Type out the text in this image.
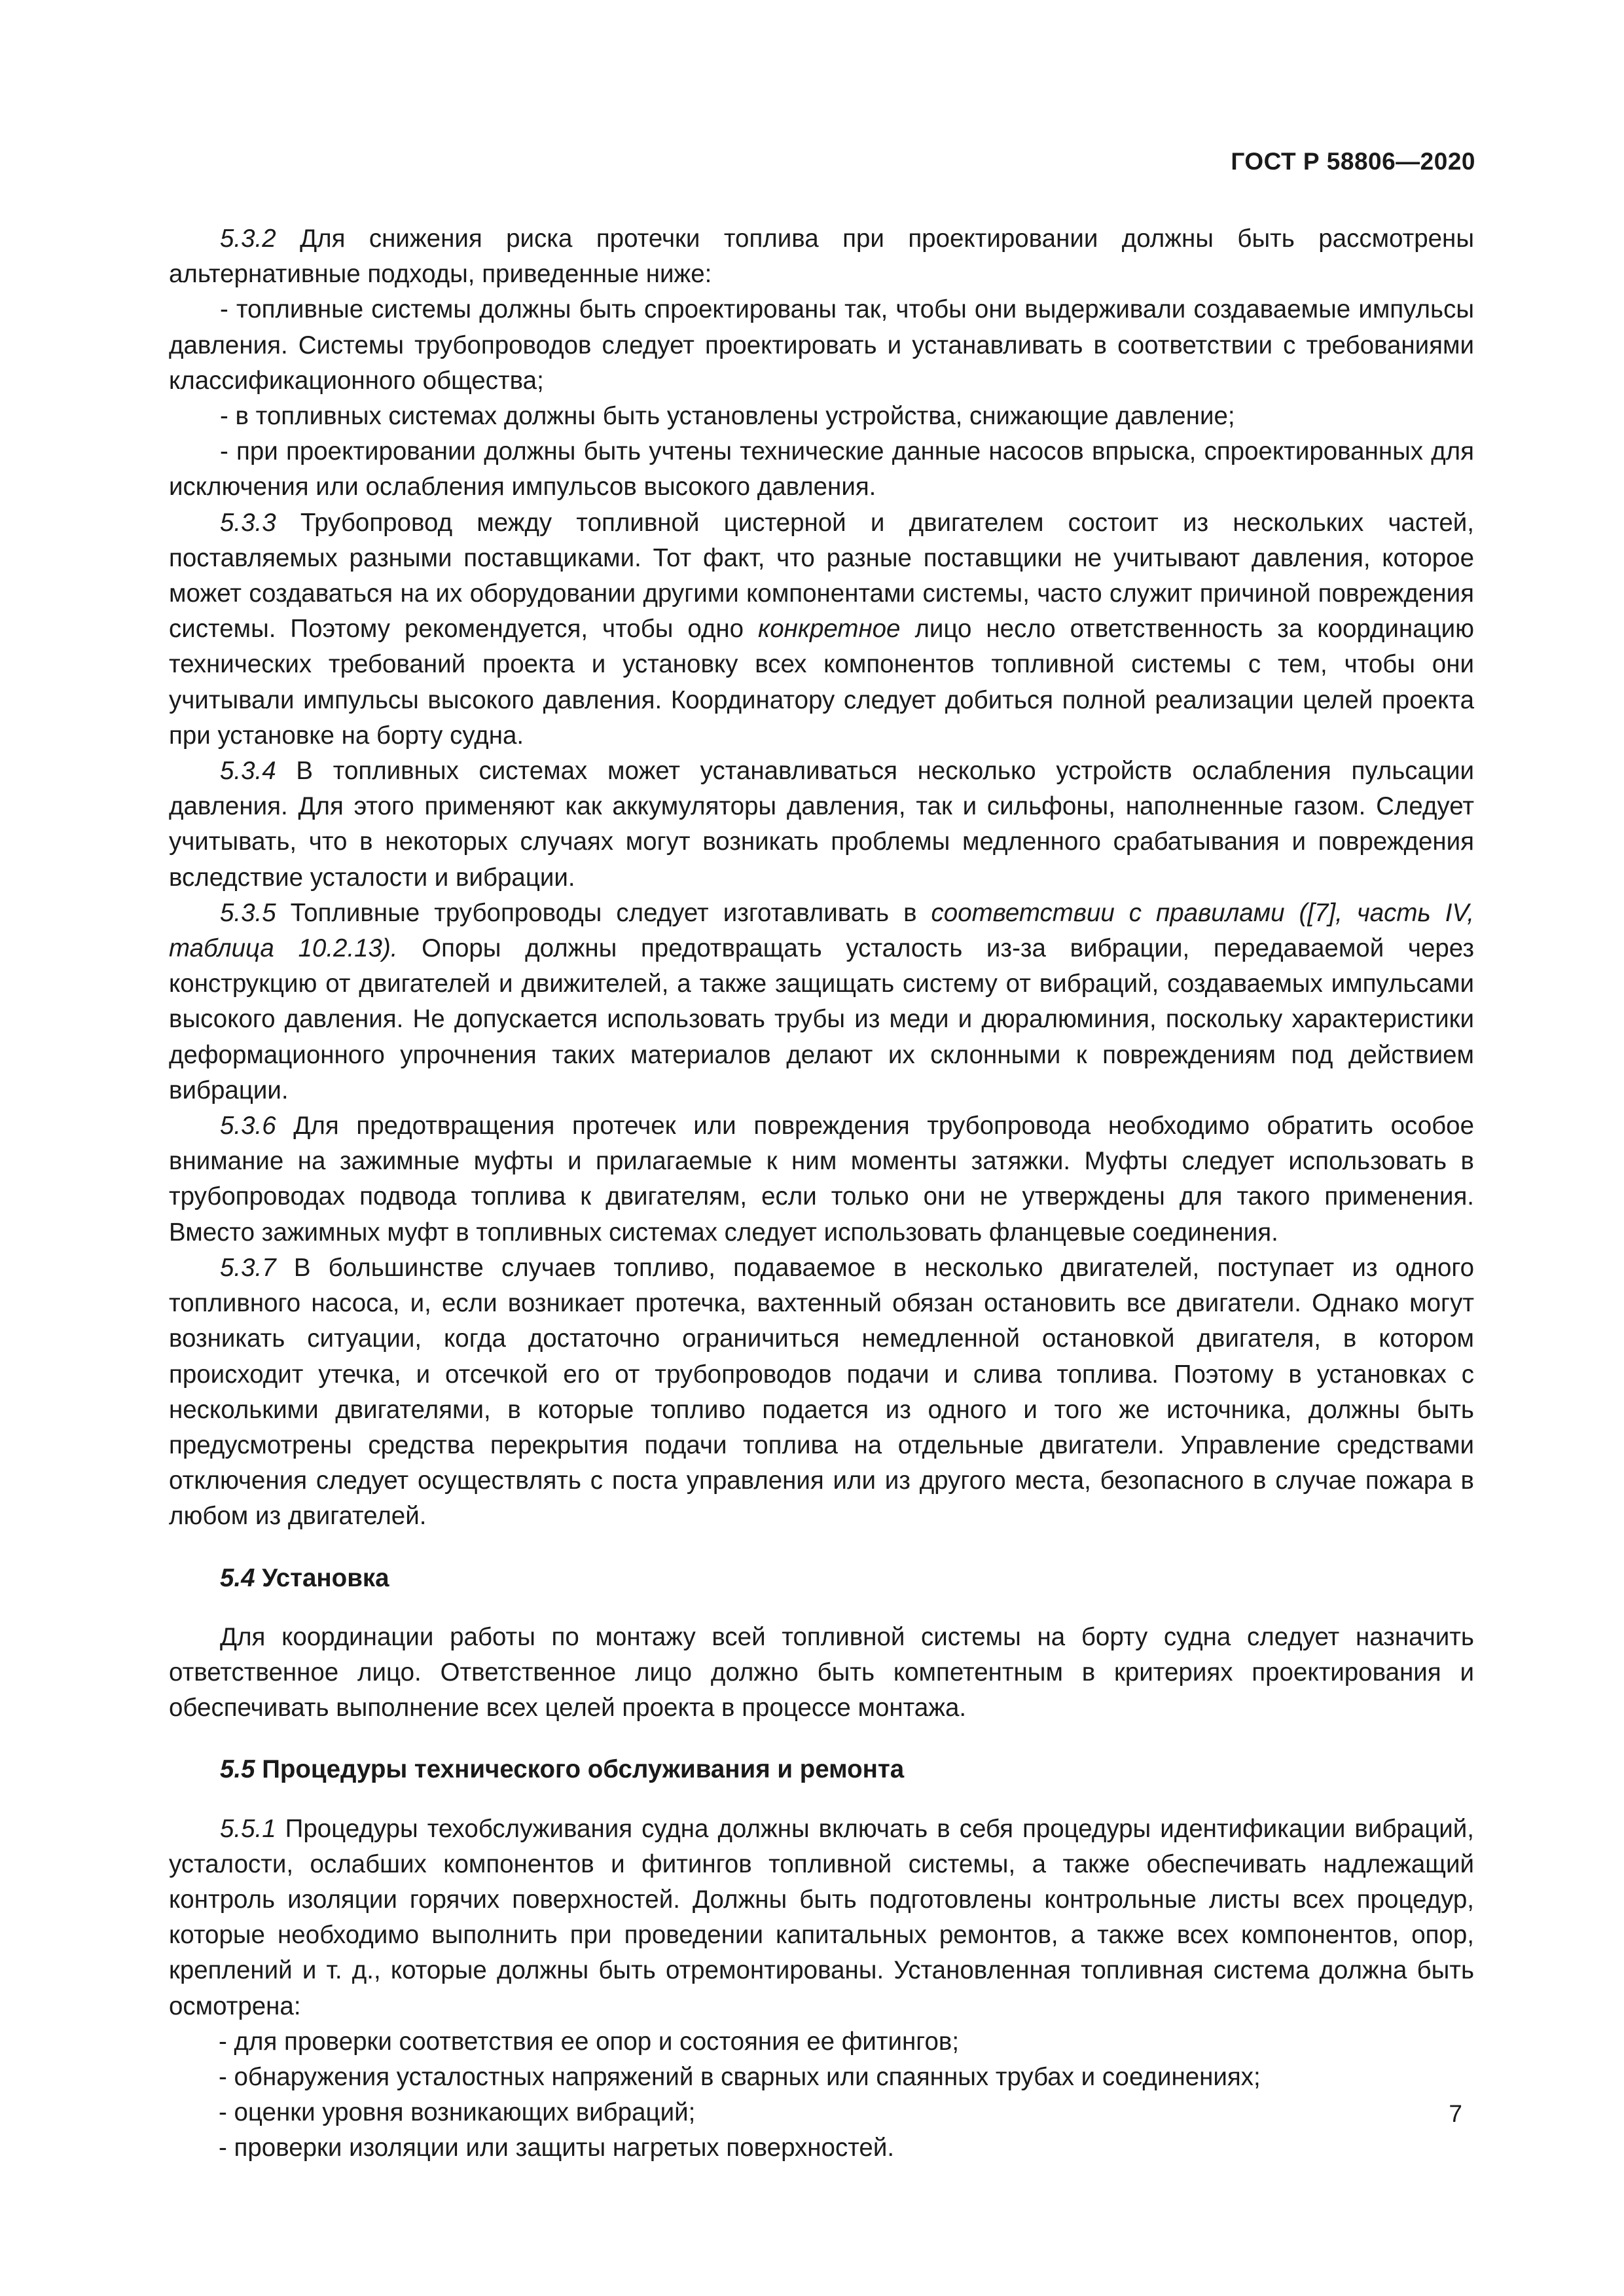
ГОСТ Р 58806—2020

5.3.2 Для снижения риска протечки топлива при проектировании должны быть рассмотрены альтернативные подходы, приведенные ниже:

- топливные системы должны быть спроектированы так, чтобы они выдерживали создаваемые импульсы давления. Системы трубопроводов следует проектировать и устанавливать в соответствии с требованиями классификационного общества;

- в топливных системах должны быть установлены устройства, снижающие давление;

- при проектировании должны быть учтены технические данные насосов впрыска, спроектированных для исключения или ослабления импульсов высокого давления.

5.3.3 Трубопровод между топливной цистерной и двигателем состоит из нескольких частей, поставляемых разными поставщиками. Тот факт, что разные поставщики не учитывают давления, которое может создаваться на их оборудовании другими компонентами системы, часто служит причиной повреждения системы. Поэтому рекомендуется, чтобы одно конкретное лицо несло ответственность за координацию технических требований проекта и установку всех компонентов топливной системы с тем, чтобы они учитывали импульсы высокого давления. Координатору следует добиться полной реализации целей проекта при установке на борту судна.

5.3.4 В топливных системах может устанавливаться несколько устройств ослабления пульсации давления. Для этого применяют как аккумуляторы давления, так и сильфоны, наполненные газом. Следует учитывать, что в некоторых случаях могут возникать проблемы медленного срабатывания и повреждения вследствие усталости и вибрации.

5.3.5 Топливные трубопроводы следует изготавливать в соответствии с правилами ([7], часть IV, таблица 10.2.13). Опоры должны предотвращать усталость из-за вибрации, передаваемой через конструкцию от двигателей и движителей, а также защищать систему от вибраций, создаваемых импульсами высокого давления. Не допускается использовать трубы из меди и дюралюминия, поскольку характеристики деформационного упрочнения таких материалов делают их склонными к повреждениям под действием вибрации.

5.3.6 Для предотвращения протечек или повреждения трубопровода необходимо обратить особое внимание на зажимные муфты и прилагаемые к ним моменты затяжки. Муфты следует использовать в трубопроводах подвода топлива к двигателям, если только они не утверждены для такого применения. Вместо зажимных муфт в топливных системах следует использовать фланцевые соединения.

5.3.7 В большинстве случаев топливо, подаваемое в несколько двигателей, поступает из одного топливного насоса, и, если возникает протечка, вахтенный обязан остановить все двигатели. Однако могут возникать ситуации, когда достаточно ограничиться немедленной остановкой двигателя, в котором происходит утечка, и отсечкой его от трубопроводов подачи и слива топлива. Поэтому в установках с несколькими двигателями, в которые топливо подается из одного и того же источника, должны быть предусмотрены средства перекрытия подачи топлива на отдельные двигатели. Управление средствами отключения следует осуществлять с поста управления или из другого места, безопасного в случае пожара в любом из двигателей.

5.4 Установка

Для координации работы по монтажу всей топливной системы на борту судна следует назначить ответственное лицо. Ответственное лицо должно быть компетентным в критериях проектирования и обеспечивать выполнение всех целей проекта в процессе монтажа.

5.5 Процедуры технического обслуживания и ремонта

5.5.1 Процедуры техобслуживания судна должны включать в себя процедуры идентификации вибраций, усталости, ослабших компонентов и фитингов топливной системы, а также обеспечивать надлежащий контроль изоляции горячих поверхностей. Должны быть подготовлены контрольные листы всех процедур, которые необходимо выполнить при проведении капитальных ремонтов, а также всех компонентов, опор, креплений и т. д., которые должны быть отремонтированы. Установленная топливная система должна быть осмотрена:

- для проверки соответствия ее опор и состояния ее фитингов;

- обнаружения усталостных напряжений в сварных или спаянных трубах и соединениях;

- оценки уровня возникающих вибраций;

- проверки изоляции или защиты нагретых поверхностей.

7
